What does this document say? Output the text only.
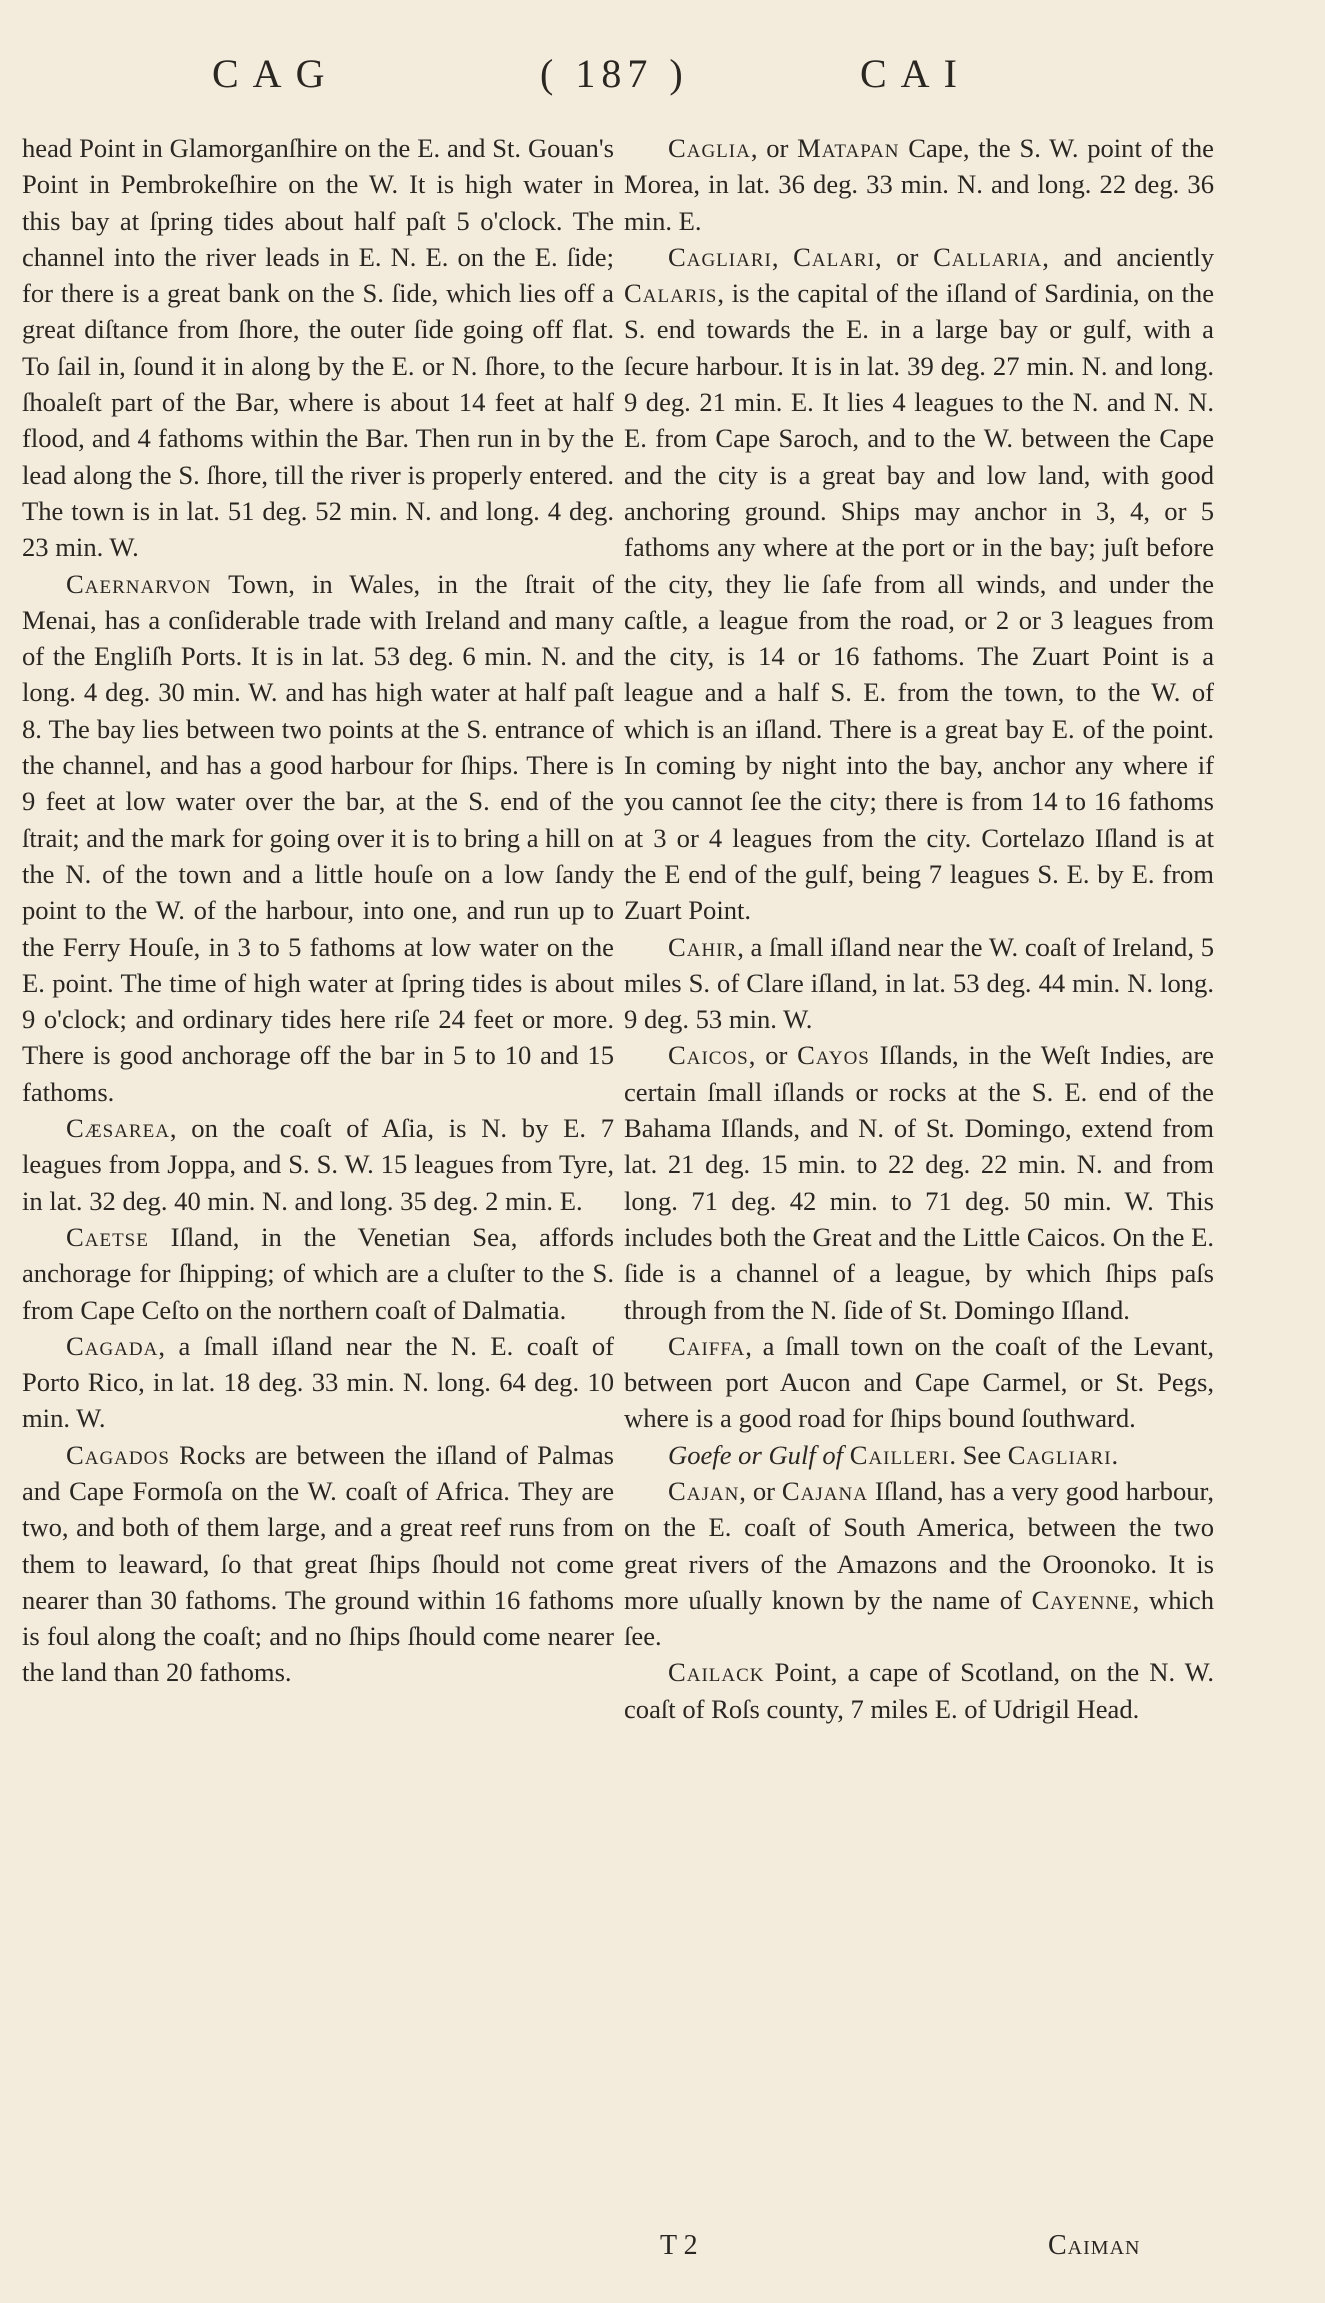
CAG	( 187 )	CAI

head Point in Glamorganſhire on the E. and St. Gouan's Point in Pembrokeſhire on the W. It is high water in this bay at ſpring tides about half paſt 5 o'clock. The channel into the river leads in E. N. E. on the E. ſide; for there is a great bank on the S. ſide, which lies off a great diſtance from ſhore, the outer ſide going off flat. To ſail in, ſound it in along by the E. or N. ſhore, to the ſhoaleſt part of the Bar, where is about 14 feet at half flood, and 4 fathoms within the Bar. Then run in by the lead along the S. ſhore, till the river is properly entered. The town is in lat. 51 deg. 52 min. N. and long. 4 deg. 23 min. W.

Caernarvon Town, in Wales, in the ſtrait of Menai, has a conſiderable trade with Ireland and many of the Engliſh Ports. It is in lat. 53 deg. 6 min. N. and long. 4 deg. 30 min. W. and has high water at half paſt 8. The bay lies between two points at the S. entrance of the channel, and has a good harbour for ſhips. There is 9 feet at low water over the bar, at the S. end of the ſtrait; and the mark for going over it is to bring a hill on the N. of the town and a little houſe on a low ſandy point to the W. of the harbour, into one, and run up to the Ferry Houſe, in 3 to 5 fathoms at low water on the E. point. The time of high water at ſpring tides is about 9 o'clock; and ordinary tides here riſe 24 feet or more. There is good anchorage off the bar in 5 to 10 and 15 fathoms.

Cæsarea, on the coaſt of Aſia, is N. by E. 7 leagues from Joppa, and S. S. W. 15 leagues from Tyre, in lat. 32 deg. 40 min. N. and long. 35 deg. 2 min. E.

Caetse Iſland, in the Venetian Sea, affords anchorage for ſhipping; of which are a cluſter to the S. from Cape Ceſto on the northern coaſt of Dalmatia.

Cagada, a ſmall iſland near the N. E. coaſt of Porto Rico, in lat. 18 deg. 33 min. N. long. 64 deg. 10 min. W.

Cagados Rocks are between the iſland of Palmas and Cape Formoſa on the W. coaſt of Africa. They are two, and both of them large, and a great reef runs from them to leaward, ſo that great ſhips ſhould not come nearer than 30 fathoms. The ground within 16 fathoms is foul along the coaſt; and no ſhips ſhould come nearer the land than 20 fathoms.

Caglia, or Matapan Cape, the S. W. point of the Morea, in lat. 36 deg. 33 min. N. and long. 22 deg. 36 min. E.

Cagliari, Calari, or Callaria, and anciently Calaris, is the capital of the iſland of Sardinia, on the S. end towards the E. in a large bay or gulf, with a ſecure harbour. It is in lat. 39 deg. 27 min. N. and long. 9 deg. 21 min. E. It lies 4 leagues to the N. and N. N. E. from Cape Saroch, and to the W. between the Cape and the city is a great bay and low land, with good anchoring ground. Ships may anchor in 3, 4, or 5 fathoms any where at the port or in the bay; juſt before the city, they lie ſafe from all winds, and under the caſtle, a league from the road, or 2 or 3 leagues from the city, is 14 or 16 fathoms. The Zuart Point is a league and a half S. E. from the town, to the W. of which is an iſland. There is a great bay E. of the point. In coming by night into the bay, anchor any where if you cannot ſee the city; there is from 14 to 16 fathoms at 3 or 4 leagues from the city. Cortelazo Iſland is at the E end of the gulf, being 7 leagues S. E. by E. from Zuart Point.

Cahir, a ſmall iſland near the W. coaſt of Ireland, 5 miles S. of Clare iſland, in lat. 53 deg. 44 min. N. long. 9 deg. 53 min. W.

Caicos, or Cayos Iſlands, in the Weſt Indies, are certain ſmall iſlands or rocks at the S. E. end of the Bahama Iſlands, and N. of St. Domingo, extend from lat. 21 deg. 15 min. to 22 deg. 22 min. N. and from long. 71 deg. 42 min. to 71 deg. 50 min. W. This includes both the Great and the Little Caicos. On the E. ſide is a channel of a league, by which ſhips paſs through from the N. ſide of St. Domingo Iſland.

Caiffa, a ſmall town on the coaſt of the Levant, between port Aucon and Cape Carmel, or St. Pegs, where is a good road for ſhips bound ſouthward.

Goefe or Gulf of Cailleri. See Cagliari.

Cajan, or Cajana Iſland, has a very good harbour, on the E. coaſt of South America, between the two great rivers of the Amazons and the Oroonoko. It is more uſually known by the name of Cayenne, which ſee.

Cailack Point, a cape of Scotland, on the N. W. coaſt of Roſs county, 7 miles E. of Udrigil Head.

T 2	Caiman
